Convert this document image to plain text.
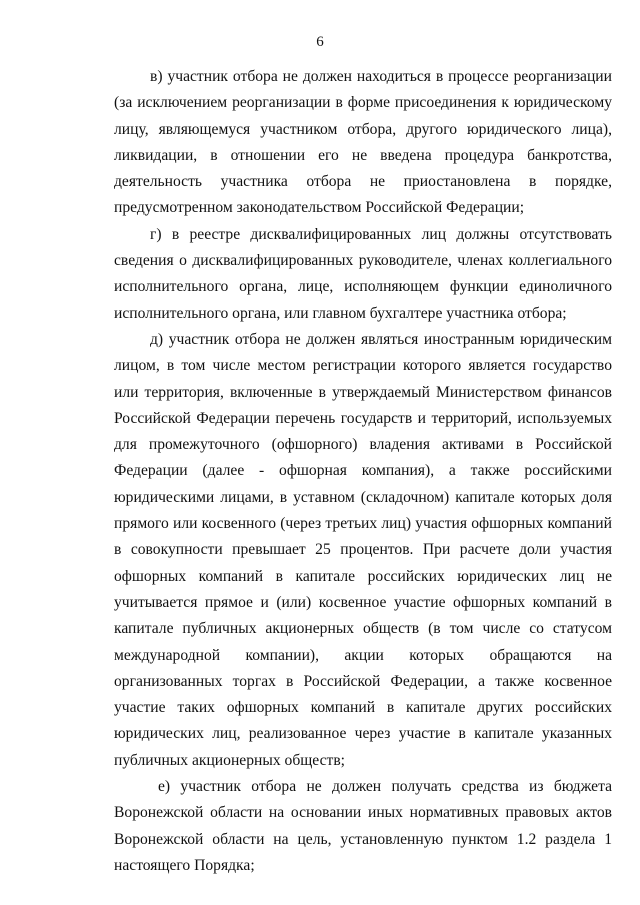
6

в) участник отбора не должен находиться в процессе реорганизации (за исключением реорганизации в форме присоединения к юридическому лицу, являющемуся участником отбора, другого юридического лица), ликвидации, в отношении его не введена процедура банкротства, деятельность участника отбора не приостановлена в порядке, предусмотренном законодательством Российской Федерации;

г) в реестре дисквалифицированных лиц должны отсутствовать сведения о дисквалифицированных руководителе, членах коллегиального исполнительного органа, лице, исполняющем функции единоличного исполнительного органа, или главном бухгалтере участника отбора;

д) участник отбора не должен являться иностранным юридическим лицом, в том числе местом регистрации которого является государство или территория, включенные в утверждаемый Министерством финансов Российской Федерации перечень государств и территорий, используемых для промежуточного (офшорного) владения активами в Российской Федерации (далее - офшорная компания), а также российскими юридическими лицами, в уставном (складочном) капитале которых доля прямого или косвенного (через третьих лиц) участия офшорных компаний в совокупности превышает 25 процентов. При расчете доли участия офшорных компаний в капитале российских юридических лиц не учитывается прямое и (или) косвенное участие офшорных компаний в капитале публичных акционерных обществ (в том числе со статусом международной компании), акции которых обращаются на организованных торгах в Российской Федерации, а также косвенное участие таких офшорных компаний в капитале других российских юридических лиц, реализованное через участие в капитале указанных публичных акционерных обществ;

е) участник отбора не должен получать средства из бюджета Воронежской области на основании иных нормативных правовых актов Воронежской области на цель, установленную пунктом 1.2 раздела 1 настоящего Порядка;
